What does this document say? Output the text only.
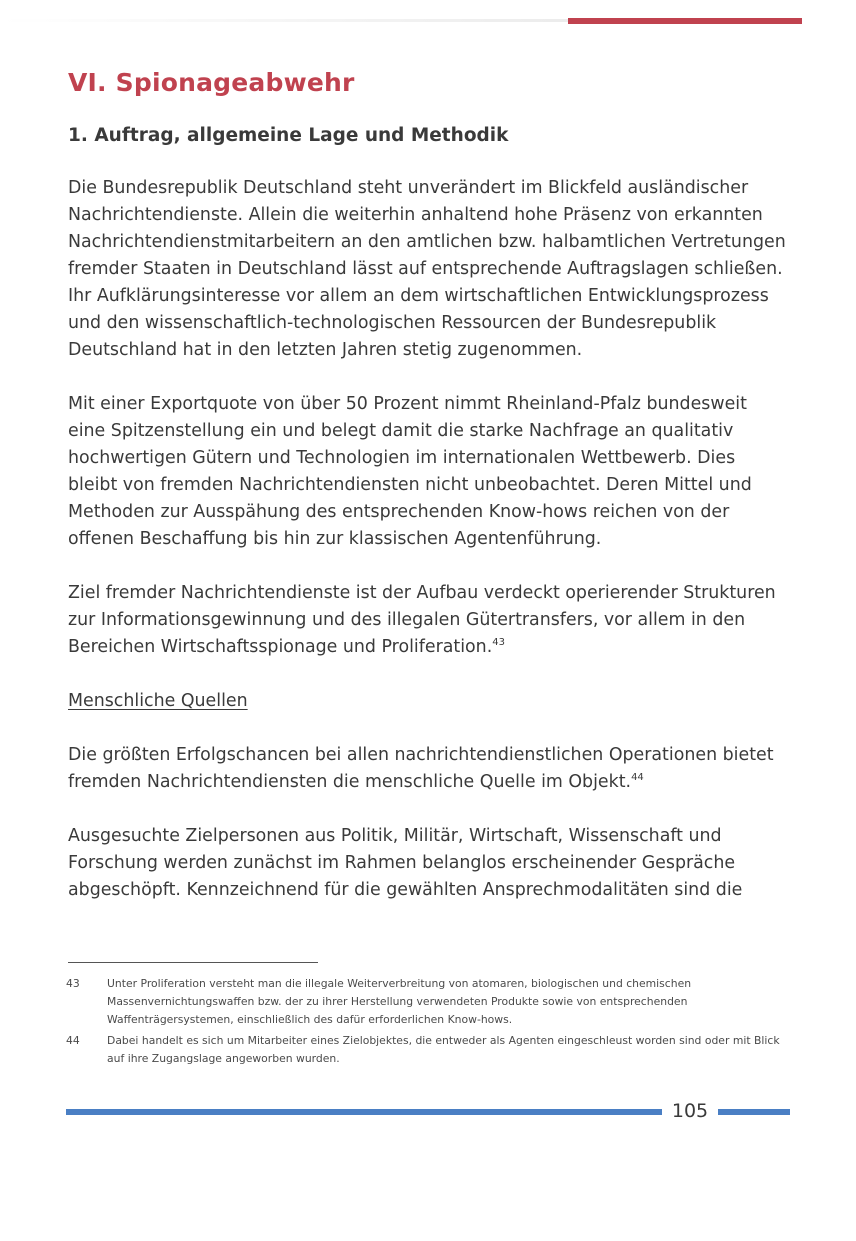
VI. Spionageabwehr
1. Auftrag, allgemeine Lage und Methodik

Die Bundesrepublik Deutschland steht unverändert im Blickfeld ausländischer Nachrichtendienste. Allein die weiterhin anhaltend hohe Präsenz von erkannten Nachrichtendienstmitarbeitern an den amtlichen bzw. halbamtlichen Vertretungen fremder Staaten in Deutschland lässt auf entsprechende Auftragslagen schließen. Ihr Aufklärungsinteresse vor allem an dem wirtschaftlichen Entwicklungsprozess und den wissenschaftlich-technologischen Ressourcen der Bundesrepublik Deutschland hat in den letzten Jahren stetig zugenommen.

Mit einer Exportquote von über 50 Prozent nimmt Rheinland-Pfalz bundesweit eine Spitzenstellung ein und belegt damit die starke Nachfrage an qualitativ hochwertigen Gütern und Technologien im internationalen Wettbewerb. Dies bleibt von fremden Nachrichtendiensten nicht unbeobachtet. Deren Mittel und Methoden zur Ausspähung des entsprechenden Know-hows reichen von der offenen Beschaffung bis hin zur klassischen Agentenführung.

Ziel fremder Nachrichtendienste ist der Aufbau verdeckt operierender Strukturen zur Informationsgewinnung und des illegalen Gütertransfers, vor allem in den Bereichen Wirtschaftsspionage und Proliferation.$^{43}$

Menschliche Quellen

Die größten Erfolgschancen bei allen nachrichtendienstlichen Operationen bietet fremden Nachrichtendiensten die menschliche Quelle im Objekt.$^{44}$

Ausgesuchte Zielpersonen aus Politik, Militär, Wirtschaft, Wissenschaft und Forschung werden zunächst im Rahmen belanglos erscheinender Gespräche abgeschöpft. Kennzeichnend für die gewählten Ansprechmodalitäten sind die

43	Unter Proliferation versteht man die illegale Weiterverbreitung von atomaren, biologischen und chemischen Massenvernichtungswaffen bzw. der zu ihrer Herstellung verwendeten Produkte sowie von entsprechenden Waffenträgersystemen, einschließlich des dafür erforderlichen Know-hows.
44	Dabei handelt es sich um Mitarbeiter eines Zielobjektes, die entweder als Agenten eingeschleust worden sind oder mit Blick auf ihre Zugangslage angeworben wurden.
105
